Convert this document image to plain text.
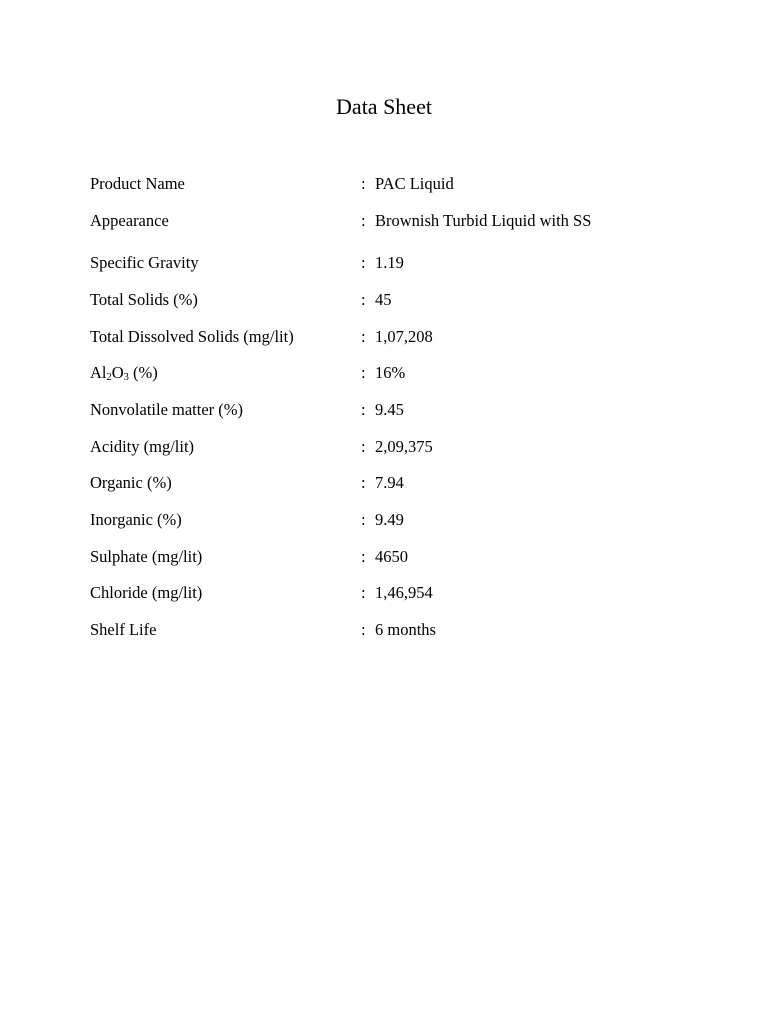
Data Sheet
Product Name	: PAC Liquid
Appearance	: Brownish Turbid Liquid with SS
Specific Gravity	: 1.19
Total Solids (%)	: 45
Total Dissolved Solids (mg/lit)	: 1,07,208
Al2O3 (%)	: 16%
Nonvolatile matter (%)	: 9.45
Acidity (mg/lit)	: 2,09,375
Organic (%)	: 7.94
Inorganic (%)	: 9.49
Sulphate (mg/lit)	: 4650
Chloride (mg/lit)	: 1,46,954
Shelf Life	: 6 months
